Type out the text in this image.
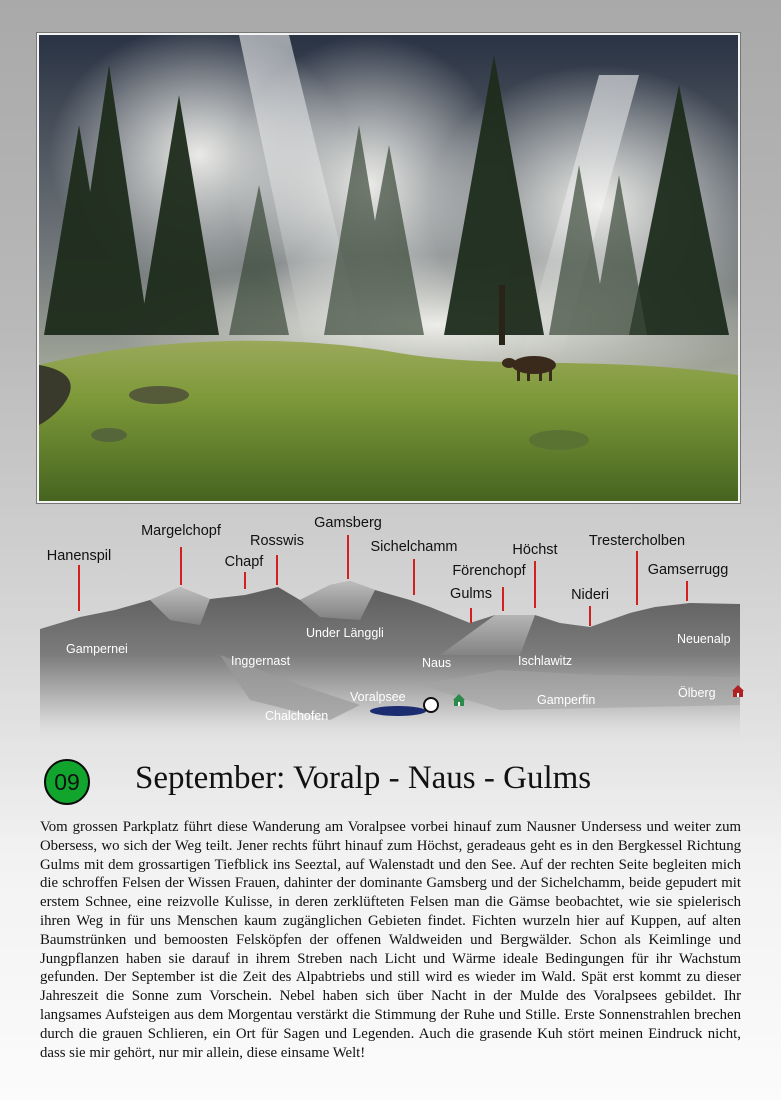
Hanenspil
Margelchopf
Chapf
Rosswis
Gamsberg
Sichelchamm
Gulms
Förenchopf
Höchst
Nideri
Trestercholben
Gamserrugg
Gampernei
Inggernast
Under Länggli
Naus	Ischlawitz
Neuenalp
Voralpsee
Chalchofen
Gamperfin	Ölberg
09 September: Voralp - Naus - Gulms

Vom grossen Parkplatz führt diese Wanderung am Voralpsee vorbei hinauf zum Nausner Undersess und weiter zum Obersess, wo sich der Weg teilt. Jener rechts führt hinauf zum Höchst, geradeaus geht es in den Bergkessel Richtung Gulms mit dem grossartigen Tiefblick ins Seeztal, auf Walenstadt und den See. Auf der rechten Seite begleiten mich die schroffen Felsen der Wissen Frauen, dahinter der dominante Gamsberg und der Sichelchamm, beide gepudert mit erstem Schnee, eine reizvolle Kulisse, in deren zerklüfteten Felsen man die Gämse beobachtet, wie sie spielerisch ihren Weg in für uns Menschen kaum zugänglichen Gebieten findet. Fichten wurzeln hier auf Kuppen, auf alten Baumstrünken und bemoosten Felsköpfen der offenen Waldweiden und Bergwälder. Schon als Keimlinge und Jungpflanzen haben sie darauf in ihrem Streben nach Licht und Wärme ideale Bedingungen für ihr Wachstum gefunden. Der September ist die Zeit des Alpabtriebs und still wird es wieder im Wald. Spät erst kommt zu dieser Jahreszeit die Sonne zum Vorschein. Nebel haben sich über Nacht in der Mulde des Voralpsees gebildet. Ihr langsames Aufsteigen aus dem Morgentau verstärkt die Stimmung der Ruhe und Stille. Erste Sonnenstrahlen brechen durch die grauen Schlieren, ein Ort für Sagen und Legenden. Auch die grasende Kuh stört meinen Eindruck nicht, dass sie mir gehört, nur mir allein, diese einsame Welt!
